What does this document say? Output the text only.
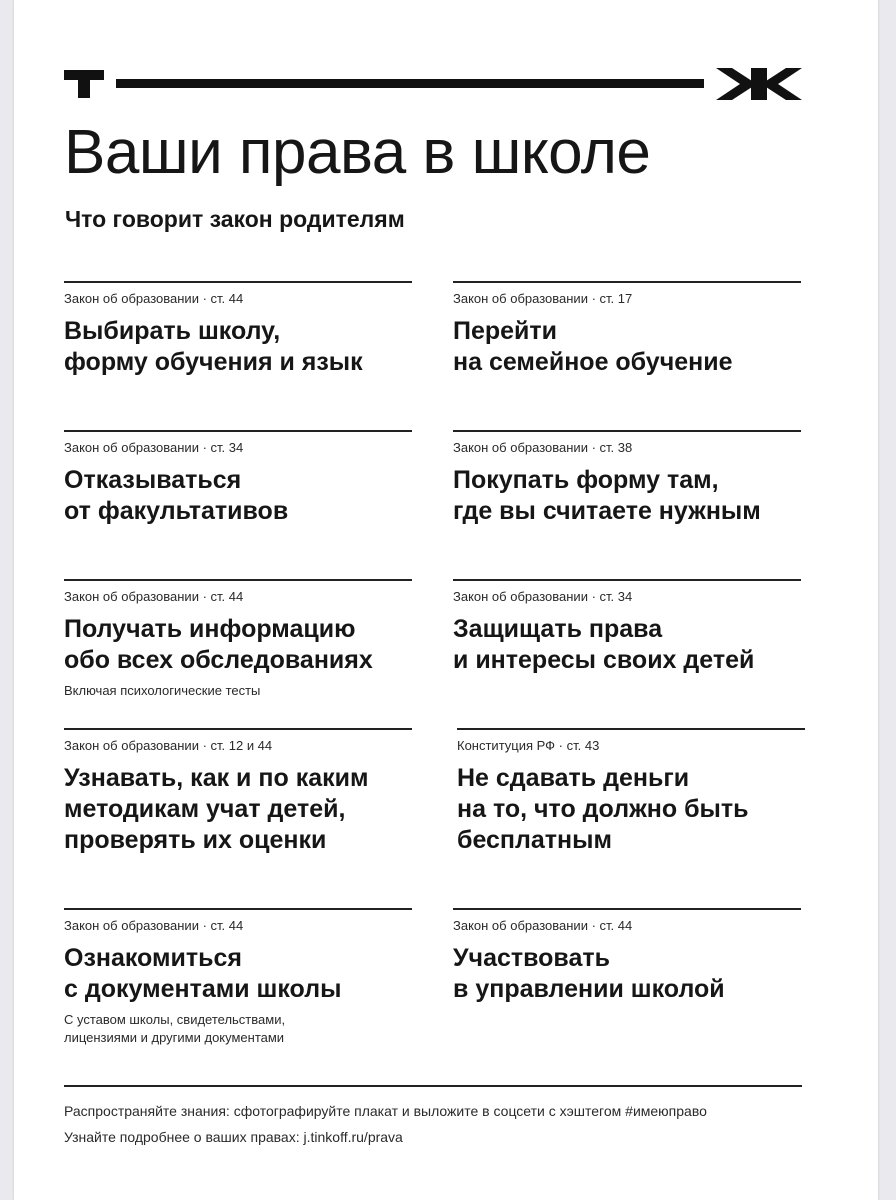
Ваши права в школе

Что говорит закон родителям

Закон об образовании · ст. 44

Выбирать школу,
форму обучения и язык

Закон об образовании · ст. 17

Перейти
на семейное обучение

Закон об образовании · ст. 34

Отказываться
от факультативов

Закон об образовании · ст. 38

Покупать форму там,
где вы считаете нужным

Закон об образовании · ст. 44

Получать информацию
обо всех обследованиях

Включая психологические тесты

Закон об образовании · ст. 34

Защищать права
и интересы своих детей

Закон об образовании · ст. 12 и 44

Узнавать, как и по каким
методикам учат детей,
проверять их оценки

Конституция РФ · ст. 43

Не сдавать деньги
на то, что должно быть
бесплатным

Закон об образовании · ст. 44

Ознакомиться
с документами школы

С уставом школы, свидетельствами,
лицензиями и другими документами

Закон об образовании · ст. 44

Участвовать
в управлении школой

Распространяйте знания: сфотографируйте плакат и выложите в соцсети с хэштегом #имеюправо

Узнайте подробнее о ваших правах: j.tinkoff.ru/prava
